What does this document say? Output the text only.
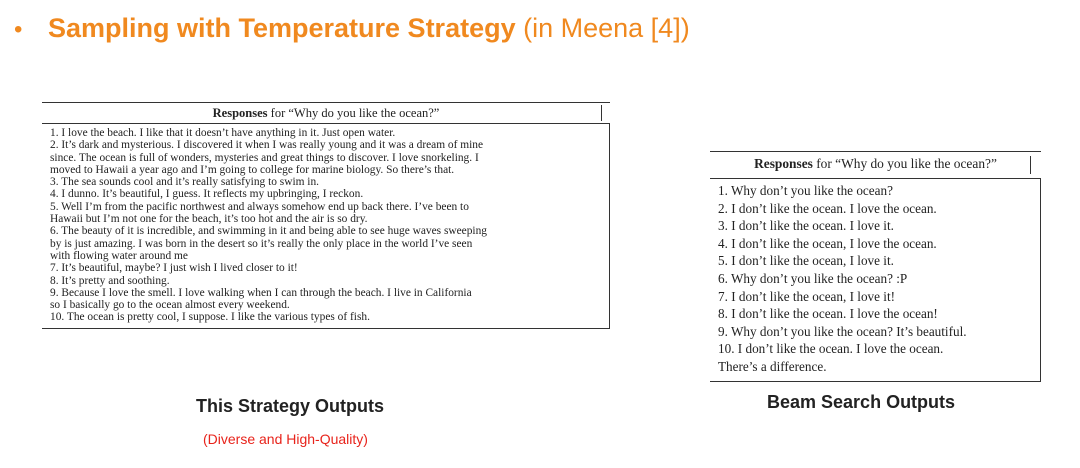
• Sampling with Temperature Strategy (in Meena [4])
Responses for “Why do you like the ocean?”
1. I love the beach. I like that it doesn’t have anything in it. Just open water.
2. It’s dark and mysterious. I discovered it when I was really young and it was a dream of mine
since. The ocean is full of wonders, mysteries and great things to discover. I love snorkeling. I
moved to Hawaii a year ago and I’m going to college for marine biology. So there’s that.
3. The sea sounds cool and it’s really satisfying to swim in.
4. I dunno. It’s beautiful, I guess. It reflects my upbringing, I reckon.
5. Well I’m from the pacific northwest and always somehow end up back there. I’ve been to
Hawaii but I’m not one for the beach, it’s too hot and the air is so dry.
6. The beauty of it is incredible, and swimming in it and being able to see huge waves sweeping
by is just amazing. I was born in the desert so it’s really the only place in the world I’ve seen
with flowing water around me
7. It’s beautiful, maybe? I just wish I lived closer to it!
8. It’s pretty and soothing.
9. Because I love the smell. I love walking when I can through the beach. I live in California
so I basically go to the ocean almost every weekend.
10. The ocean is pretty cool, I suppose. I like the various types of fish.
Responses for “Why do you like the ocean?”
1. Why don’t you like the ocean?
2. I don’t like the ocean. I love the ocean.
3. I don’t like the ocean. I love it.
4. I don’t like the ocean, I love the ocean.
5. I don’t like the ocean, I love it.
6. Why don’t you like the ocean? :P
7. I don’t like the ocean, I love it!
8. I don’t like the ocean. I love the ocean!
9. Why don’t you like the ocean? It’s beautiful.
10. I don’t like the ocean. I love the ocean.
There’s a difference.
This Strategy Outputs
(Diverse and High-Quality)
Beam Search Outputs
